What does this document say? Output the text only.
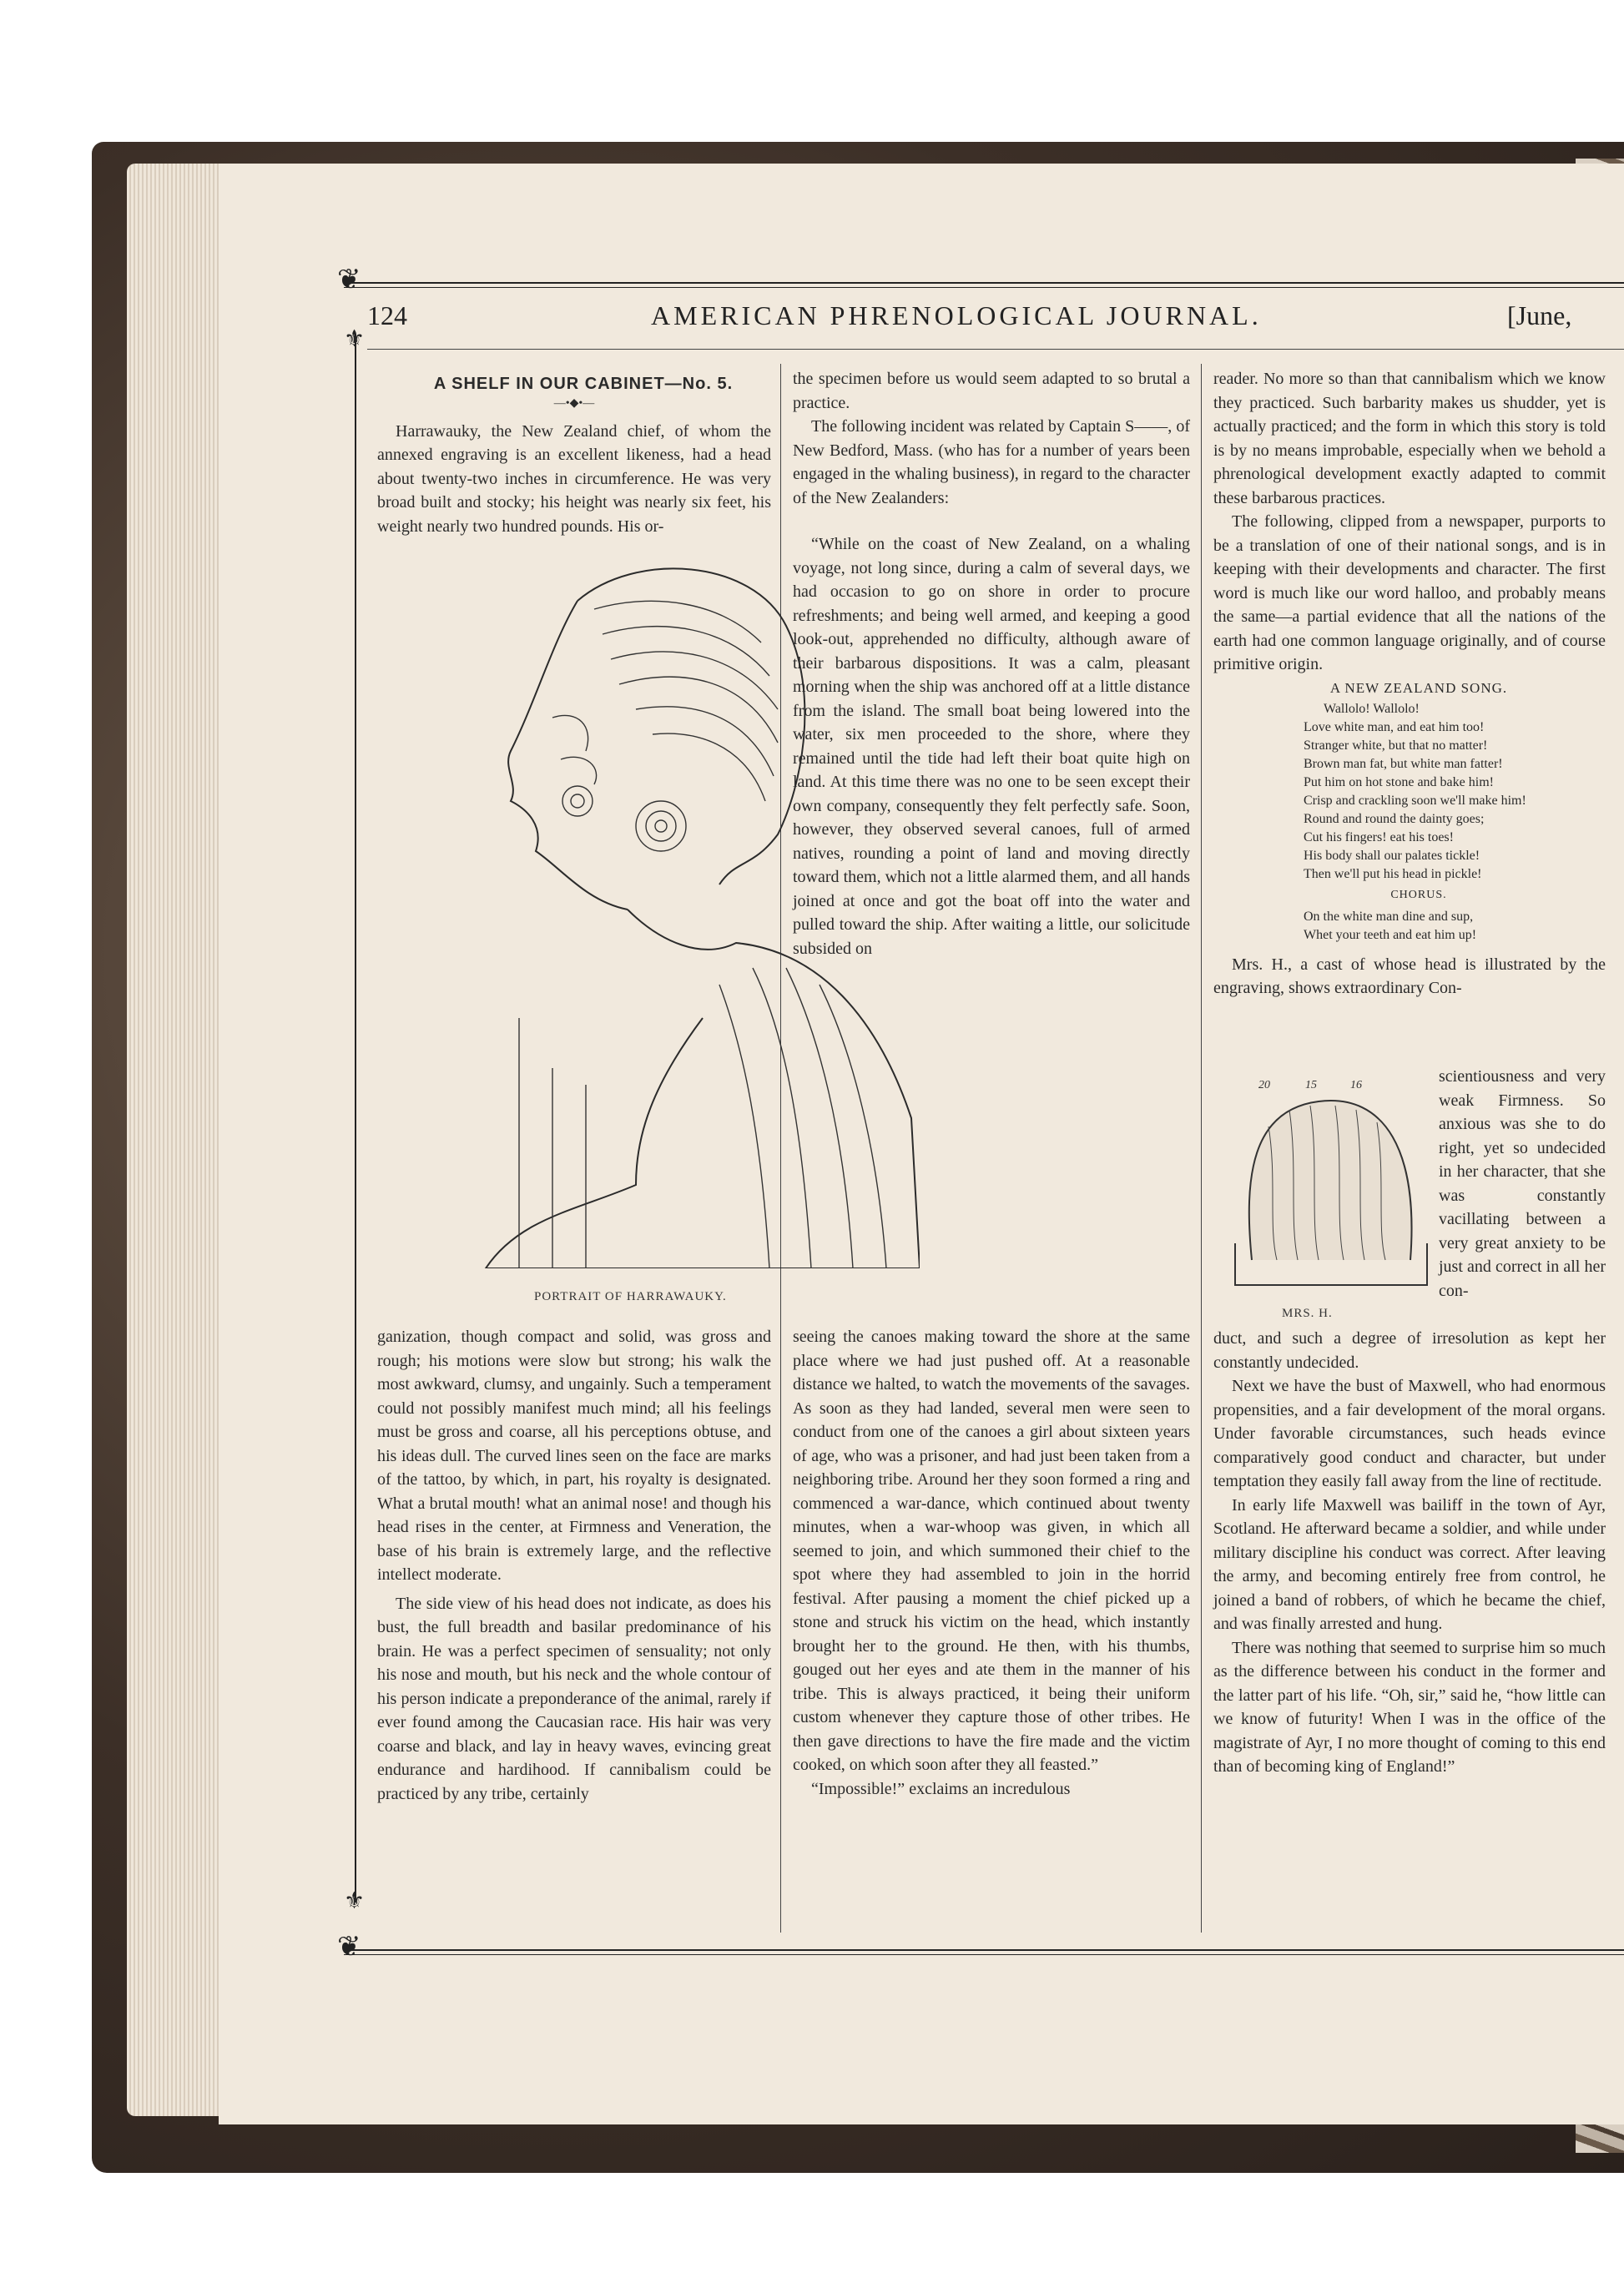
❦
❦
⚜
⚜
124	AMERICAN PHRENOLOGICAL JOURNAL.	[June,

A SHELF IN OUR CABINET—No. 5.

―•◆•―

Harrawauky, the New Zealand chief, of whom the annexed engraving is an excellent likeness, had a head about twenty-two inches in circumference. He was very broad built and stocky; his height was nearly six feet, his weight nearly two hundred pounds. His or-

PORTRAIT OF HARRAWAUKY.

ganization, though compact and solid, was gross and rough; his motions were slow but strong; his walk the most awkward, clumsy, and ungainly. Such a temperament could not possibly manifest much mind; all his feelings must be gross and coarse, all his perceptions obtuse, and his ideas dull. The curved lines seen on the face are marks of the tattoo, by which, in part, his royalty is designated. What a brutal mouth! what an animal nose! and though his head rises in the center, at Firmness and Veneration, the base of his brain is extremely large, and the reflective intellect moderate.

The side view of his head does not indicate, as does his bust, the full breadth and basilar predominance of his brain. He was a perfect specimen of sensuality; not only his nose and mouth, but his neck and the whole contour of his person indicate a preponderance of the animal, rarely if ever found among the Caucasian race. His hair was very coarse and black, and lay in heavy waves, evincing great endurance and hardihood. If cannibalism could be practiced by any tribe, certainly

the specimen before us would seem adapted to so brutal a practice.

The following incident was related by Captain S——, of New Bedford, Mass. (who has for a number of years been engaged in the whaling business), in regard to the character of the New Zealanders:

“While on the coast of New Zealand, on a whaling voyage, not long since, during a calm of several days, we had occasion to go on shore in order to procure refreshments; and being well armed, and keeping a good look-out, apprehended no difficulty, although aware of their barbarous dispositions. It was a calm, pleasant morning when the ship was anchored off at a little distance from the island. The small boat being lowered into the water, six men proceeded to the shore, where they remained until the tide had left their boat quite high on land. At this time there was no one to be seen except their own company, consequently they felt perfectly safe. Soon, however, they observed several canoes, full of armed natives, rounding a point of land and moving directly toward them, which not a little alarmed them, and all hands joined at once and got the boat off into the water and pulled toward the ship. After waiting a little, our solicitude subsided on

seeing the canoes making toward the shore at the same place where we had just pushed off. At a reasonable distance we halted, to watch the movements of the savages. As soon as they had landed, several men were seen to conduct from one of the canoes a girl about sixteen years of age, who was a prisoner, and had just been taken from a neighboring tribe. Around her they soon formed a ring and commenced a war-dance, which continued about twenty minutes, when a war-whoop was given, in which all seemed to join, and which summoned their chief to the spot where they had assembled to join in the horrid festival. After pausing a moment the chief picked up a stone and struck his victim on the head, which instantly brought her to the ground. He then, with his thumbs, gouged out her eyes and ate them in the manner of his tribe. This is always practiced, it being their uniform custom whenever they capture those of other tribes. He then gave directions to have the fire made and the victim cooked, on which soon after they all feasted.”

“Impossible!” exclaims an incredulous

reader. No more so than that cannibalism which we know they practiced. Such barbarity makes us shudder, yet is actually practiced; and the form in which this story is told is by no means improbable, especially when we behold a phrenological development exactly adapted to commit these barbarous practices.

The following, clipped from a newspaper, purports to be a translation of one of their national songs, and is in keeping with their developments and character. The first word is much like our word halloo, and probably means the same—a partial evidence that all the nations of the earth had one common language originally, and of course primitive origin.

A NEW ZEALAND SONG.

Wallolo! Wallolo!

Love white man, and eat him too!

Stranger white, but that no matter!

Brown man fat, but white man fatter!

Put him on hot stone and bake him!

Crisp and crackling soon we'll make him!

Round and round the dainty goes;

Cut his fingers! eat his toes!

His body shall our palates tickle!

Then we'll put his head in pickle!

CHORUS.

On the white man dine and sup,

Whet your teeth and eat him up!

Mrs. H., a cast of whose head is illustrated by the engraving, shows extraordinary Con-

20	15	16
MRS. H.

scientiousness and very weak Firmness. So anxious was she to do right, yet so undecided in her character, that she was constantly vacillating between a very great anxiety to be just and correct in all her con-

duct, and such a degree of irresolution as kept her constantly undecided.

Next we have the bust of Maxwell, who had enormous propensities, and a fair development of the moral organs. Under favorable circumstances, such heads evince comparatively good conduct and character, but under temptation they easily fall away from the line of rectitude.

In early life Maxwell was bailiff in the town of Ayr, Scotland. He afterward became a soldier, and while under military discipline his conduct was correct. After leaving the army, and becoming entirely free from control, he joined a band of robbers, of which he became the chief, and was finally arrested and hung.

There was nothing that seemed to surprise him so much as the difference between his conduct in the former and the latter part of his life. “Oh, sir,” said he, “how little can we know of futurity! When I was in the office of the magistrate of Ayr, I no more thought of coming to this end than of becoming king of England!”
